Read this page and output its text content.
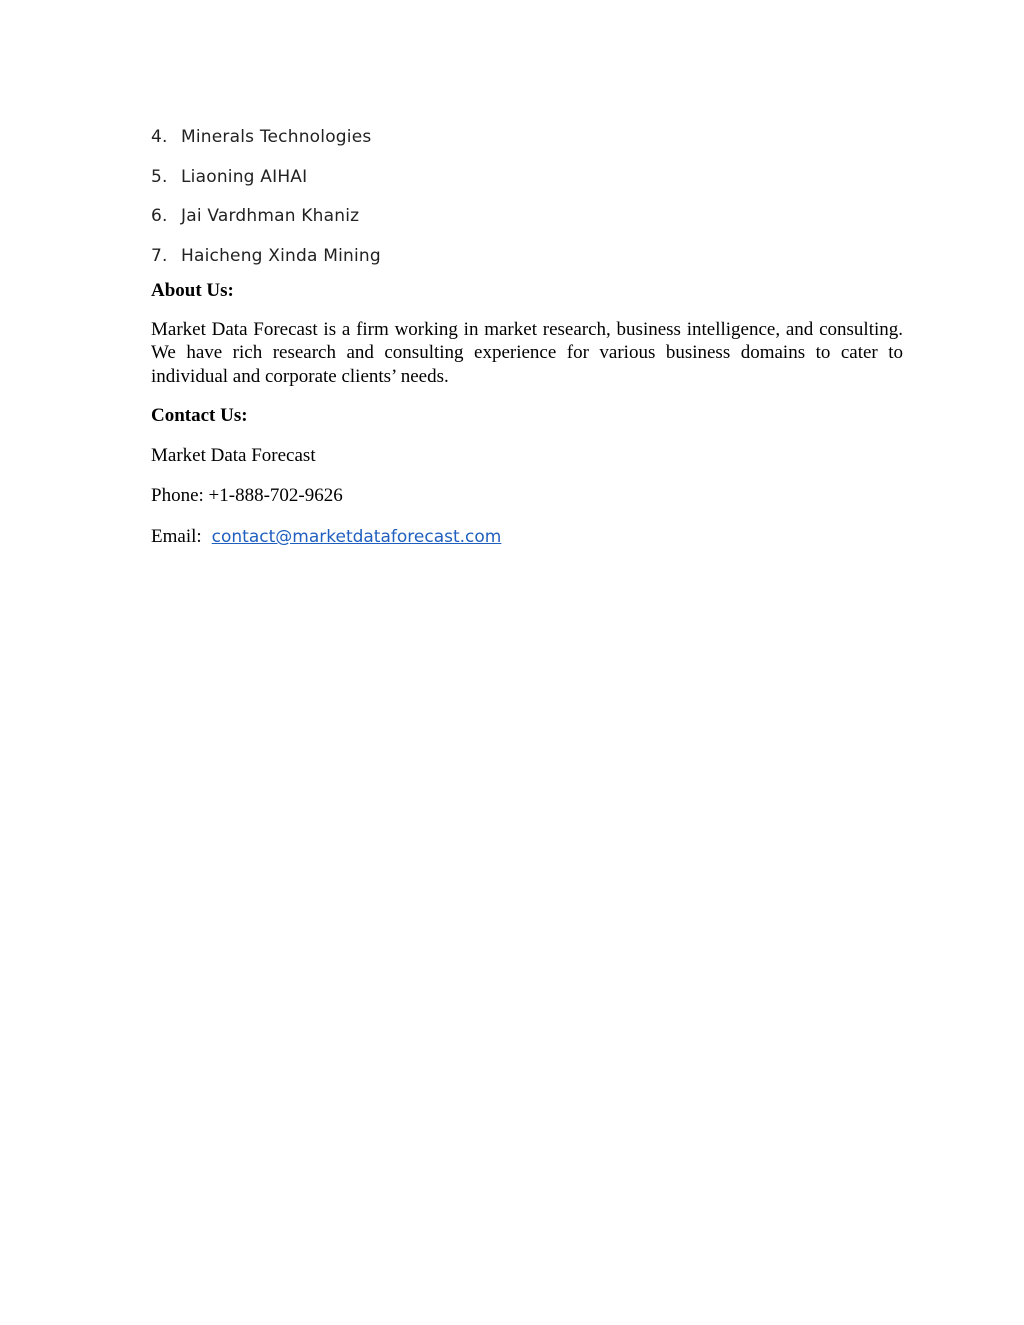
4. Minerals Technologies
5. Liaoning AIHAI
6. Jai Vardhman Khaniz
7. Haicheng Xinda Mining
About Us:

Market Data Forecast is a firm working in market research, business intelligence, and consulting. We have rich research and consulting experience for various business domains to cater to individual and corporate clients’ needs.

Contact Us:

Market Data Forecast

Phone: +1-888-702-9626

Email: contact@marketdataforecast.com
